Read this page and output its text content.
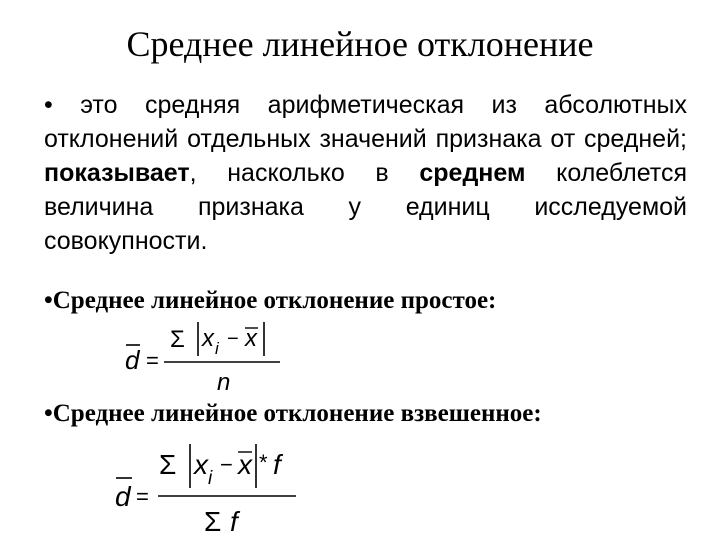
Среднее линейное отклонение
• это средняя арифметическая из абсолютных отклонений отдельных значений признака от средней; показывает, насколько в среднем колеблется величина признака у единиц исследуемой совокупности.
•Среднее линейное отклонение простое:
d =
Σ x i − x
n
•Среднее линейное отклонение взвешенное:
d =
Σ x i
− x * f
Σ f
